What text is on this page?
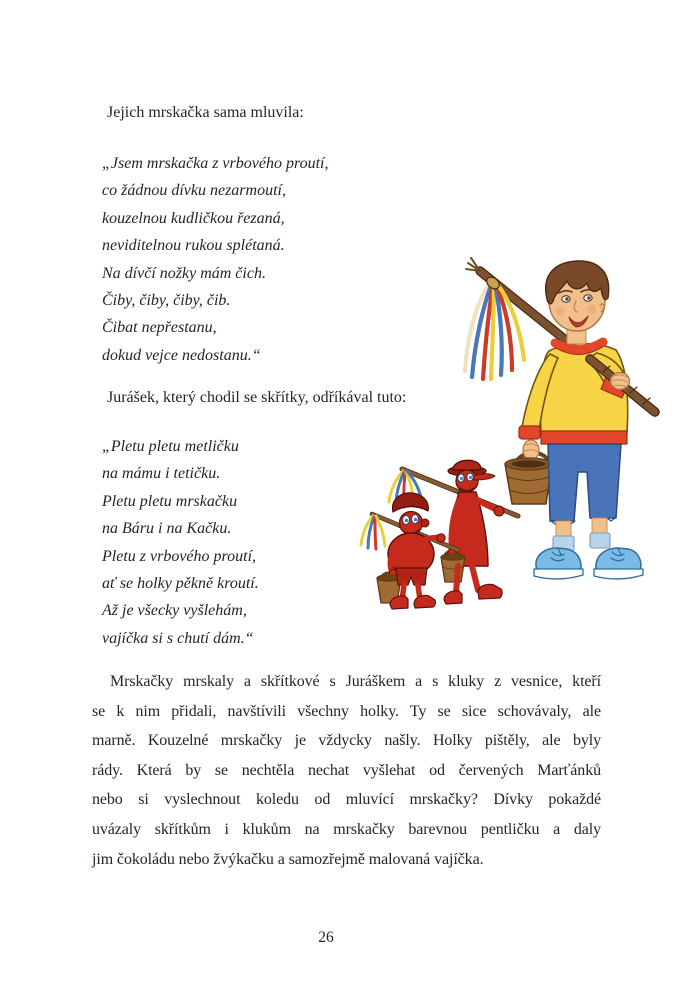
Jejich mrskačka sama mluvila:
„Jsem mrskačka z vrbového proutí,
co žádnou dívku nezarmoutí,
kouzelnou kudličkou řezaná,
neviditelnou rukou splétaná.
Na dívčí nožky mám čich.
Čiby, čiby, čiby, čib.
Čibat nepřestanu,
dokud vejce nedostanu.“
Jurášek, který chodil se skřítky, odříkával tuto:
„Pletu pletu metličku
na mámu i tetičku.
Pletu pletu mrskačku
na Báru i na Kačku.
Pletu z vrbového proutí,
ať se holky pěkně kroutí.
Až je všecky vyšlehám,
vajíčka si s chutí dám.“
Mrskačky mrskaly a skřítkové s Juráškem a s kluky z vesnice, kteří
se k nim přidali, navštívili všechny holky. Ty se sice schovávaly, ale
marně. Kouzelné mrskačky je vždycky našly. Holky pištěly, ale byly
rády. Která by se nechtěla nechat vyšlehat od červených Marťánků
nebo si vyslechnout koledu od mluvící mrskačky? Dívky pokaždé
uvázaly skřítkům i klukům na mrskačky barevnou pentličku a daly
jim čokoládu nebo žvýkačku a samozřejmě malovaná vajíčka.
26
